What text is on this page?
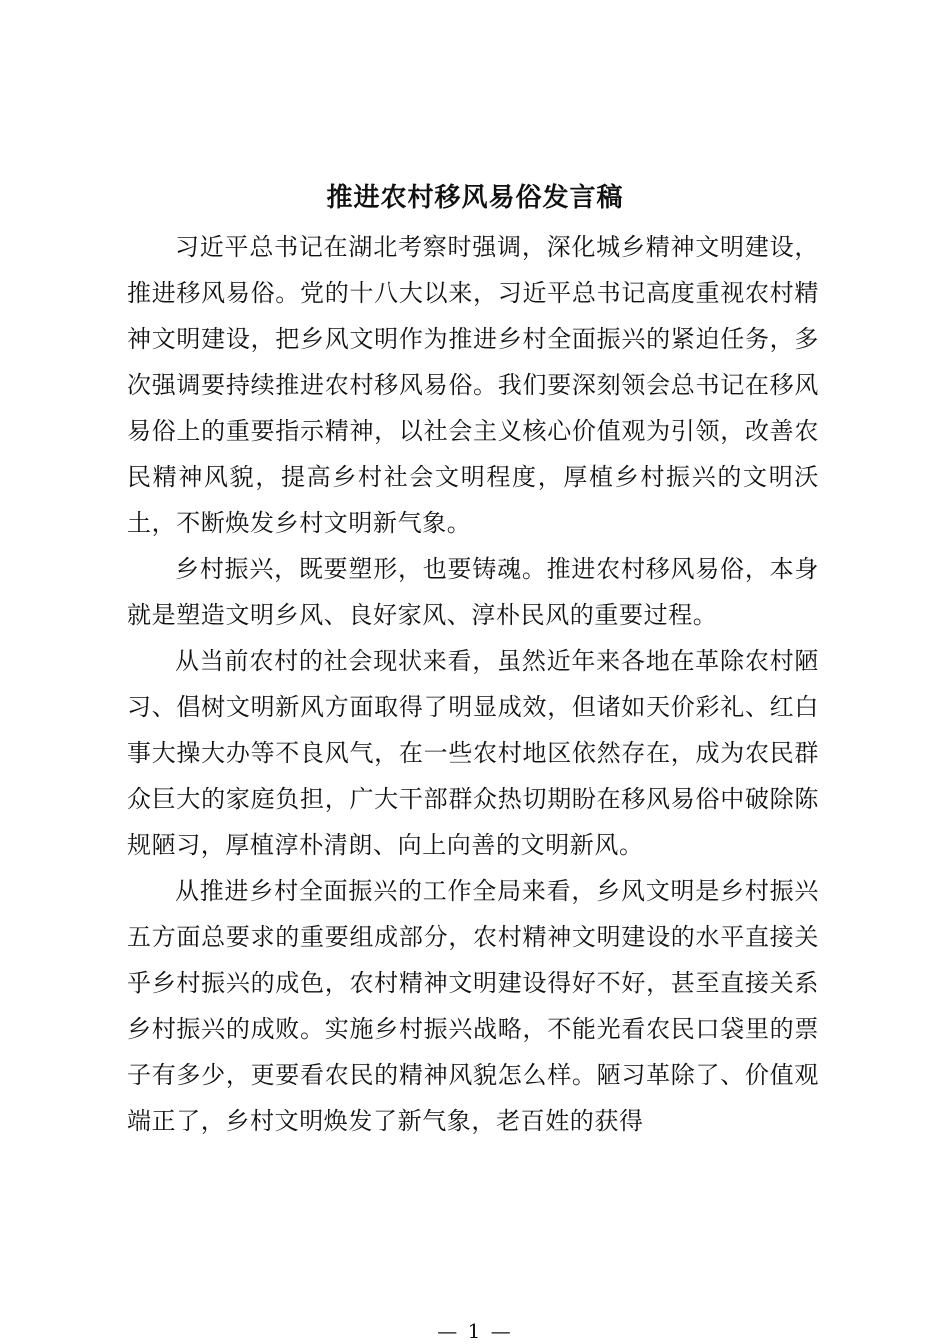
推进农村移风易俗发言稿

习近平总书记在湖北考察时强调，深化城乡精神文明建设，推进移风易俗。党的十八大以来，习近平总书记高度重视农村精神文明建设，把乡风文明作为推进乡村全面振兴的紧迫任务，多次强调要持续推进农村移风易俗。我们要深刻领会总书记在移风易俗上的重要指示精神，以社会主义核心价值观为引领，改善农民精神风貌，提高乡村社会文明程度，厚植乡村振兴的文明沃土，不断焕发乡村文明新气象。

乡村振兴，既要塑形，也要铸魂。推进农村移风易俗，本身就是塑造文明乡风、良好家风、淳朴民风的重要过程。

从当前农村的社会现状来看，虽然近年来各地在革除农村陋习、倡树文明新风方面取得了明显成效，但诸如天价彩礼、红白事大操大办等不良风气，在一些农村地区依然存在，成为农民群众巨大的家庭负担，广大干部群众热切期盼在移风易俗中破除陈规陋习，厚植淳朴清朗、向上向善的文明新风。

从推进乡村全面振兴的工作全局来看，乡风文明是乡村振兴五方面总要求的重要组成部分，农村精神文明建设的水平直接关乎乡村振兴的成色，农村精神文明建设得好不好，甚至直接关系乡村振兴的成败。实施乡村振兴战略，不能光看农民口袋里的票子有多少，更要看农民的精神风貌怎么样。陋习革除了、价值观端正了，乡村文明焕发了新气象，老百姓的获得

— 1 —
